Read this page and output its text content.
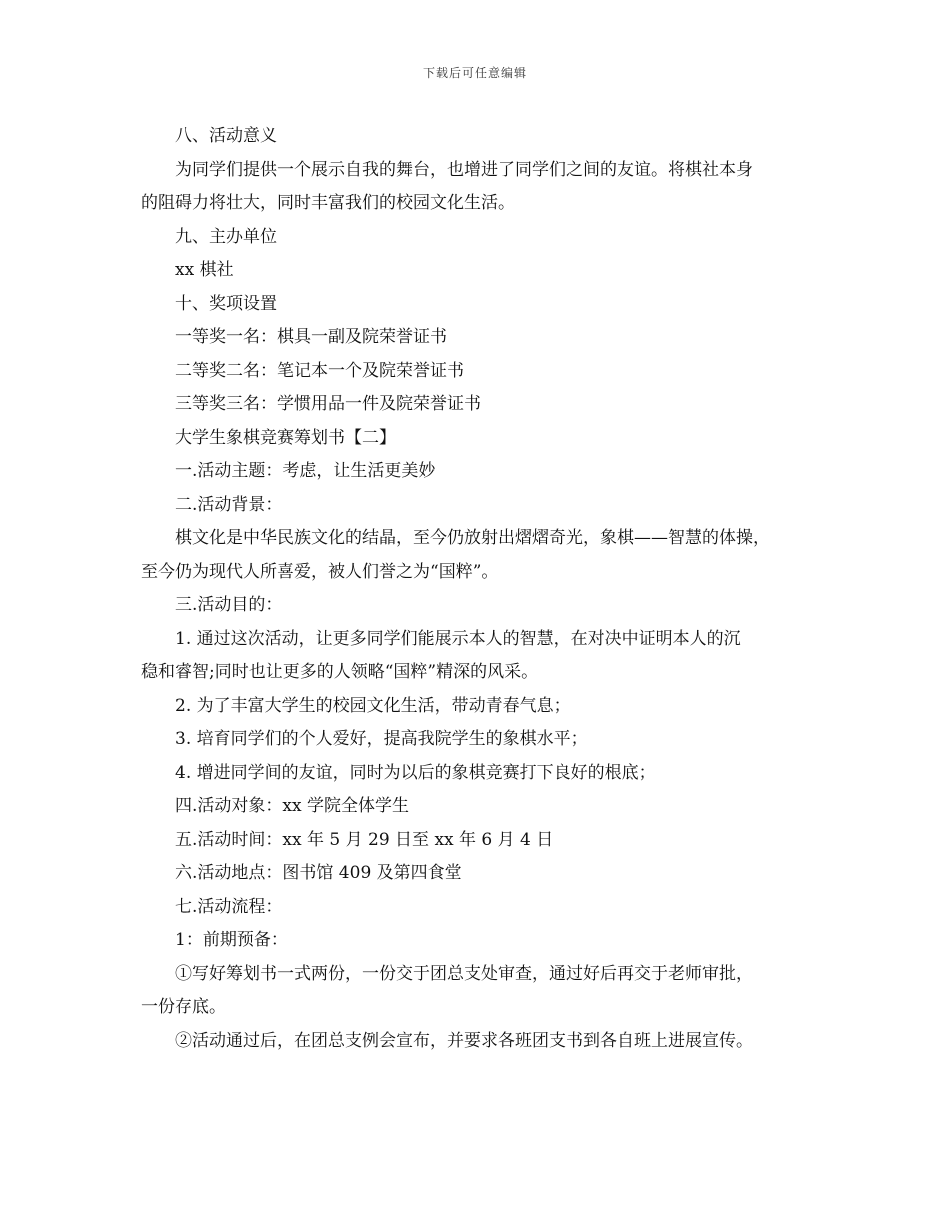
下载后可任意编辑
八、活动意义
为同学们提供一个展示自我的舞台，也增进了同学们之间的友谊。将棋社本身
的阻碍力将壮大，同时丰富我们的校园文化生活。
九、主办单位
xx 棋社
十、奖项设置
一等奖一名：棋具一副及院荣誉证书
二等奖二名：笔记本一个及院荣誉证书
三等奖三名：学惯用品一件及院荣誉证书
大学生象棋竞赛筹划书【二】
一.活动主题：考虑，让生活更美妙
二.活动背景：
棋文化是中华民族文化的结晶，至今仍放射出熠熠奇光，象棋——智慧的体操，
至今仍为现代人所喜爱，被人们誉之为“国粹”。
三.活动目的：
1. 通过这次活动，让更多同学们能展示本人的智慧，在对决中证明本人的沉
稳和睿智;同时也让更多的人领略“国粹”精深的风采。
2. 为了丰富大学生的校园文化生活，带动青春气息；
3. 培育同学们的个人爱好，提高我院学生的象棋水平；
4. 增进同学间的友谊，同时为以后的象棋竞赛打下良好的根底；
四.活动对象：xx 学院全体学生
五.活动时间：xx 年 5 月 29 日至 xx 年 6 月 4 日
六.活动地点：图书馆 409 及第四食堂
七.活动流程：
1：前期预备：
①写好筹划书一式两份，一份交于团总支处审查，通过好后再交于老师审批，
一份存底。
②活动通过后，在团总支例会宣布，并要求各班团支书到各自班上进展宣传。
